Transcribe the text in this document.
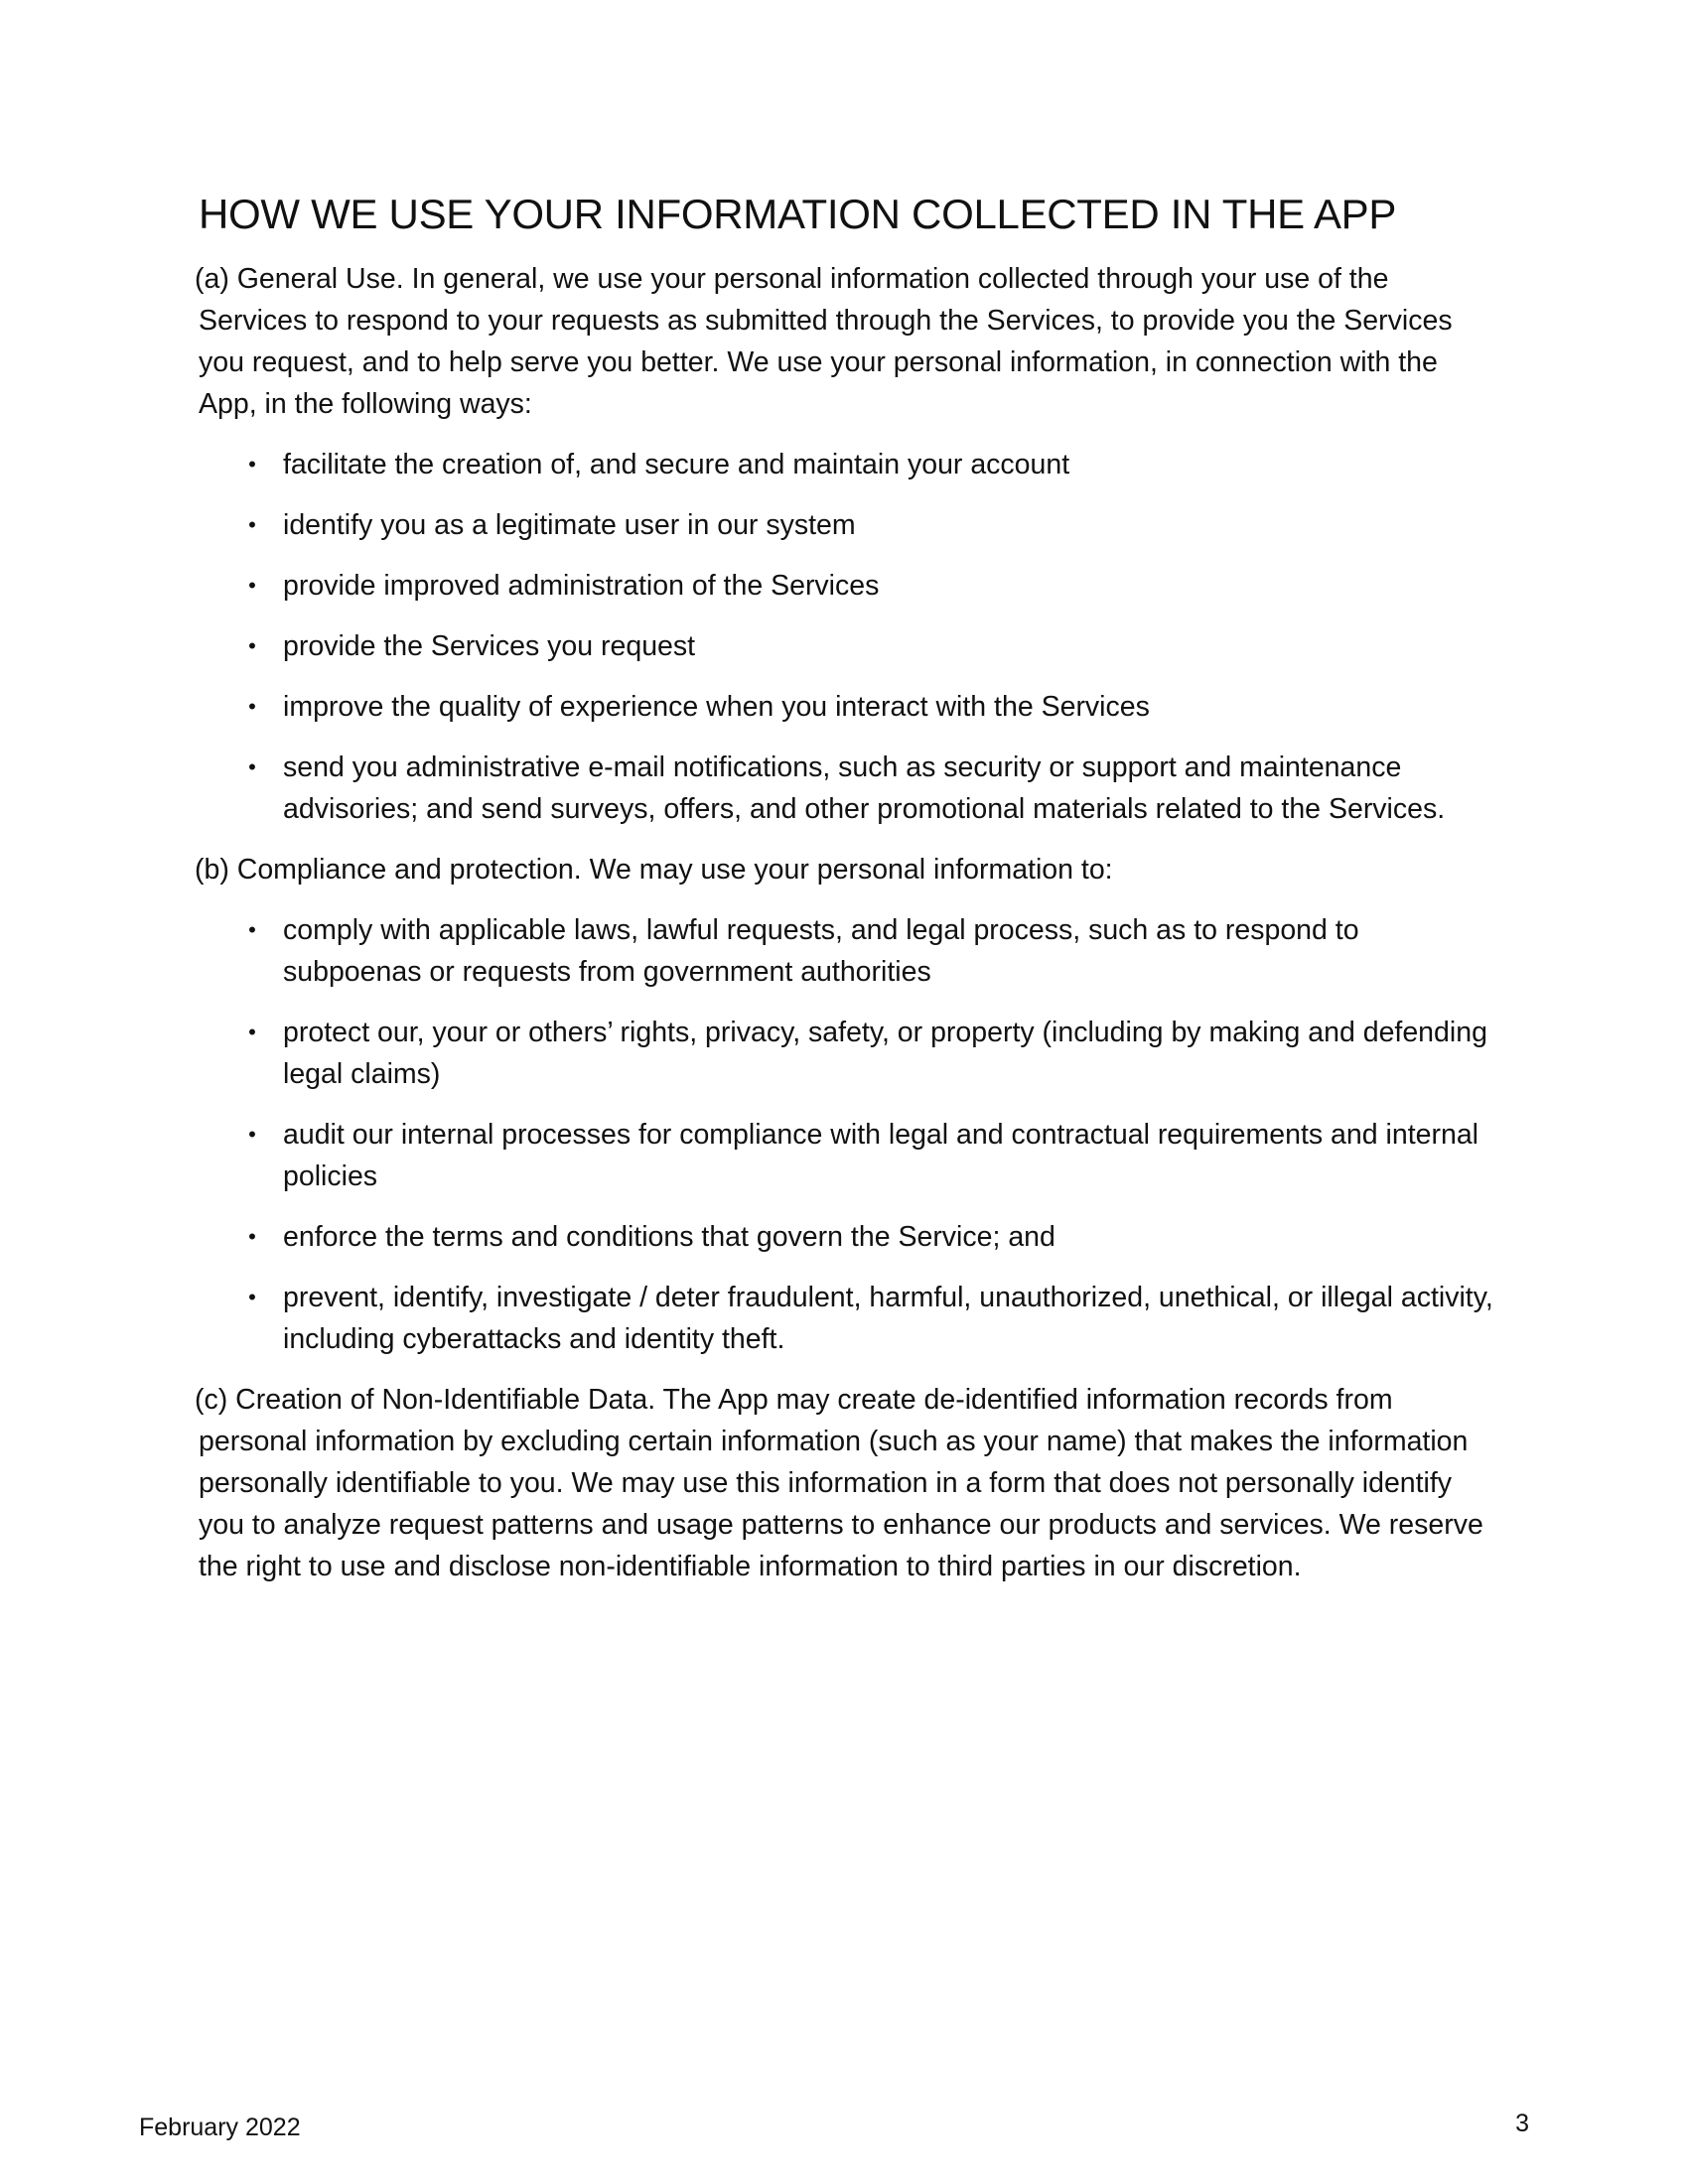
HOW WE USE YOUR INFORMATION COLLECTED IN THE APP

(a) General Use. In general, we use your personal information collected through your use of the Services to respond to your requests as submitted through the Services, to provide you the Services you request, and to help serve you better. We use your personal information, in connection with the App, in the following ways:

• facilitate the creation of, and secure and maintain your account
• identify you as a legitimate user in our system
• provide improved administration of the Services
• provide the Services you request
• improve the quality of experience when you interact with the Services
• send you administrative e-mail notifications, such as security or support and maintenance advisories; and send surveys, offers, and other promotional materials related to the Services.

(b) Compliance and protection. We may use your personal information to:

• comply with applicable laws, lawful requests, and legal process, such as to respond to subpoenas or requests from government authorities
• protect our, your or others’ rights, privacy, safety, or property (including by making and defending legal claims)
• audit our internal processes for compliance with legal and contractual requirements and internal policies
• enforce the terms and conditions that govern the Service; and
• prevent, identify, investigate / deter fraudulent, harmful, unauthorized, unethical, or illegal activity, including cyberattacks and identity theft.

(c) Creation of Non-Identifiable Data. The App may create de-identified information records from personal information by excluding certain information (such as your name) that makes the information personally identifiable to you. We may use this information in a form that does not personally identify you to analyze request patterns and usage patterns to enhance our products and services. We reserve the right to use and disclose non-identifiable information to third parties in our discretion.

February 2022	3
